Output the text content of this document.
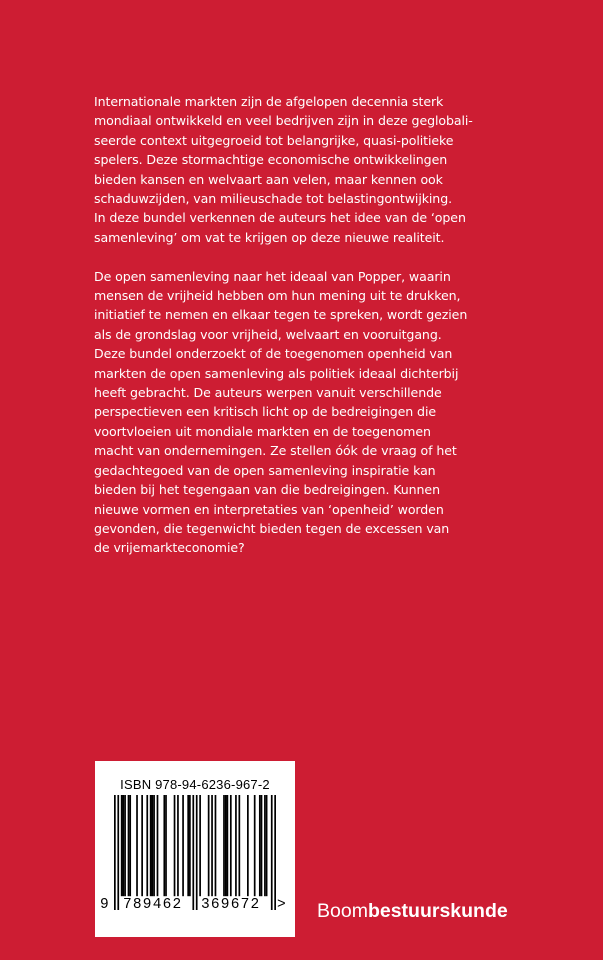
Internationale markten zijn de afgelopen decennia sterk
mondiaal ontwikkeld en veel bedrijven zijn in deze geglobali-
seerde context uitgegroeid tot belangrijke, quasi-politieke
spelers. Deze stormachtige economische ontwikkelingen
bieden kansen en welvaart aan velen, maar kennen ook
schaduwzijden, van milieuschade tot belastingontwijking.
In deze bundel verkennen de auteurs het idee van de ‘open
samenleving’ om vat te krijgen op deze nieuwe realiteit.

De open samenleving naar het ideaal van Popper, waarin
mensen de vrijheid hebben om hun mening uit te drukken,
initiatief te nemen en elkaar tegen te spreken, wordt gezien
als de grondslag voor vrijheid, welvaart en vooruitgang.
Deze bundel onderzoekt of de toegenomen openheid van
markten de open samenleving als politiek ideaal dichterbij
heeft gebracht. De auteurs werpen vanuit verschillende
perspectieven een kritisch licht op de bedreigingen die
voortvloeien uit mondiale markten en de toegenomen
macht van ondernemingen. Ze stellen óók de vraag of het
gedachtegoed van de open samenleving inspiratie kan
bieden bij het tegengaan van die bedreigingen. Kunnen
nieuwe vormen en interpretaties van ‘openheid’ worden
gevonden, die tegenwicht bieden tegen de excessen van
de vrijemarkteconomie?

ISBN 978-94-6236-967-2
9 789462 369672 > Boombestuurskunde
